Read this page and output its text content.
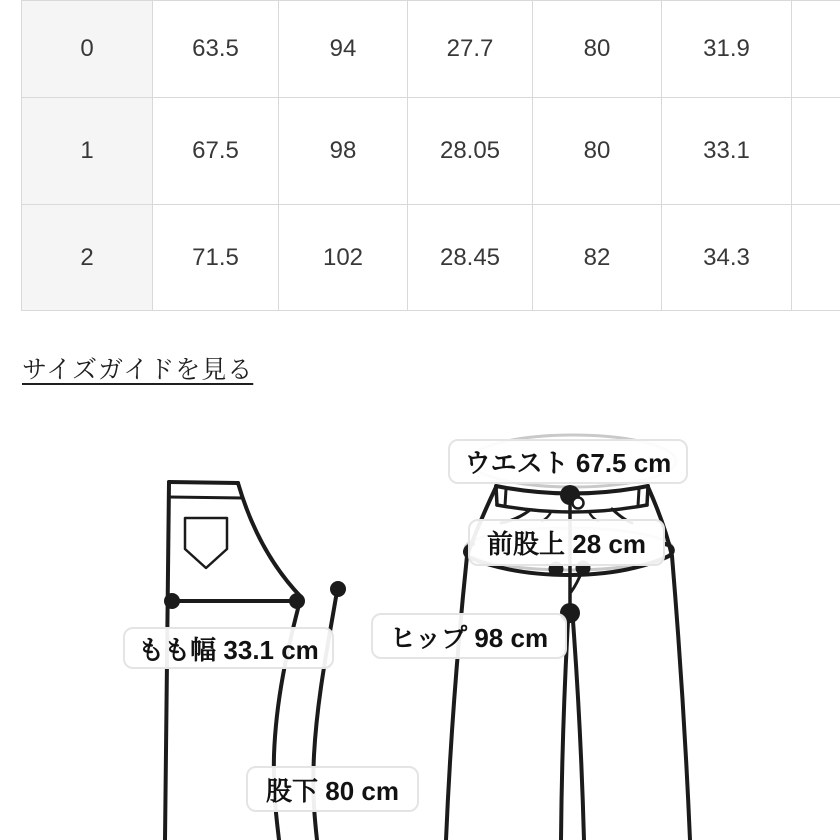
0	63.5	94	27.7	80	31.9	
1	67.5	98	28.05	80	33.1	
2	71.5	102	28.45	82	34.3	
サイズガイドを見る
ウエスト 67.5 cm
前股上 28 cm
ヒップ 98 cm
もも幅 33.1 cm
股下 80 cm
